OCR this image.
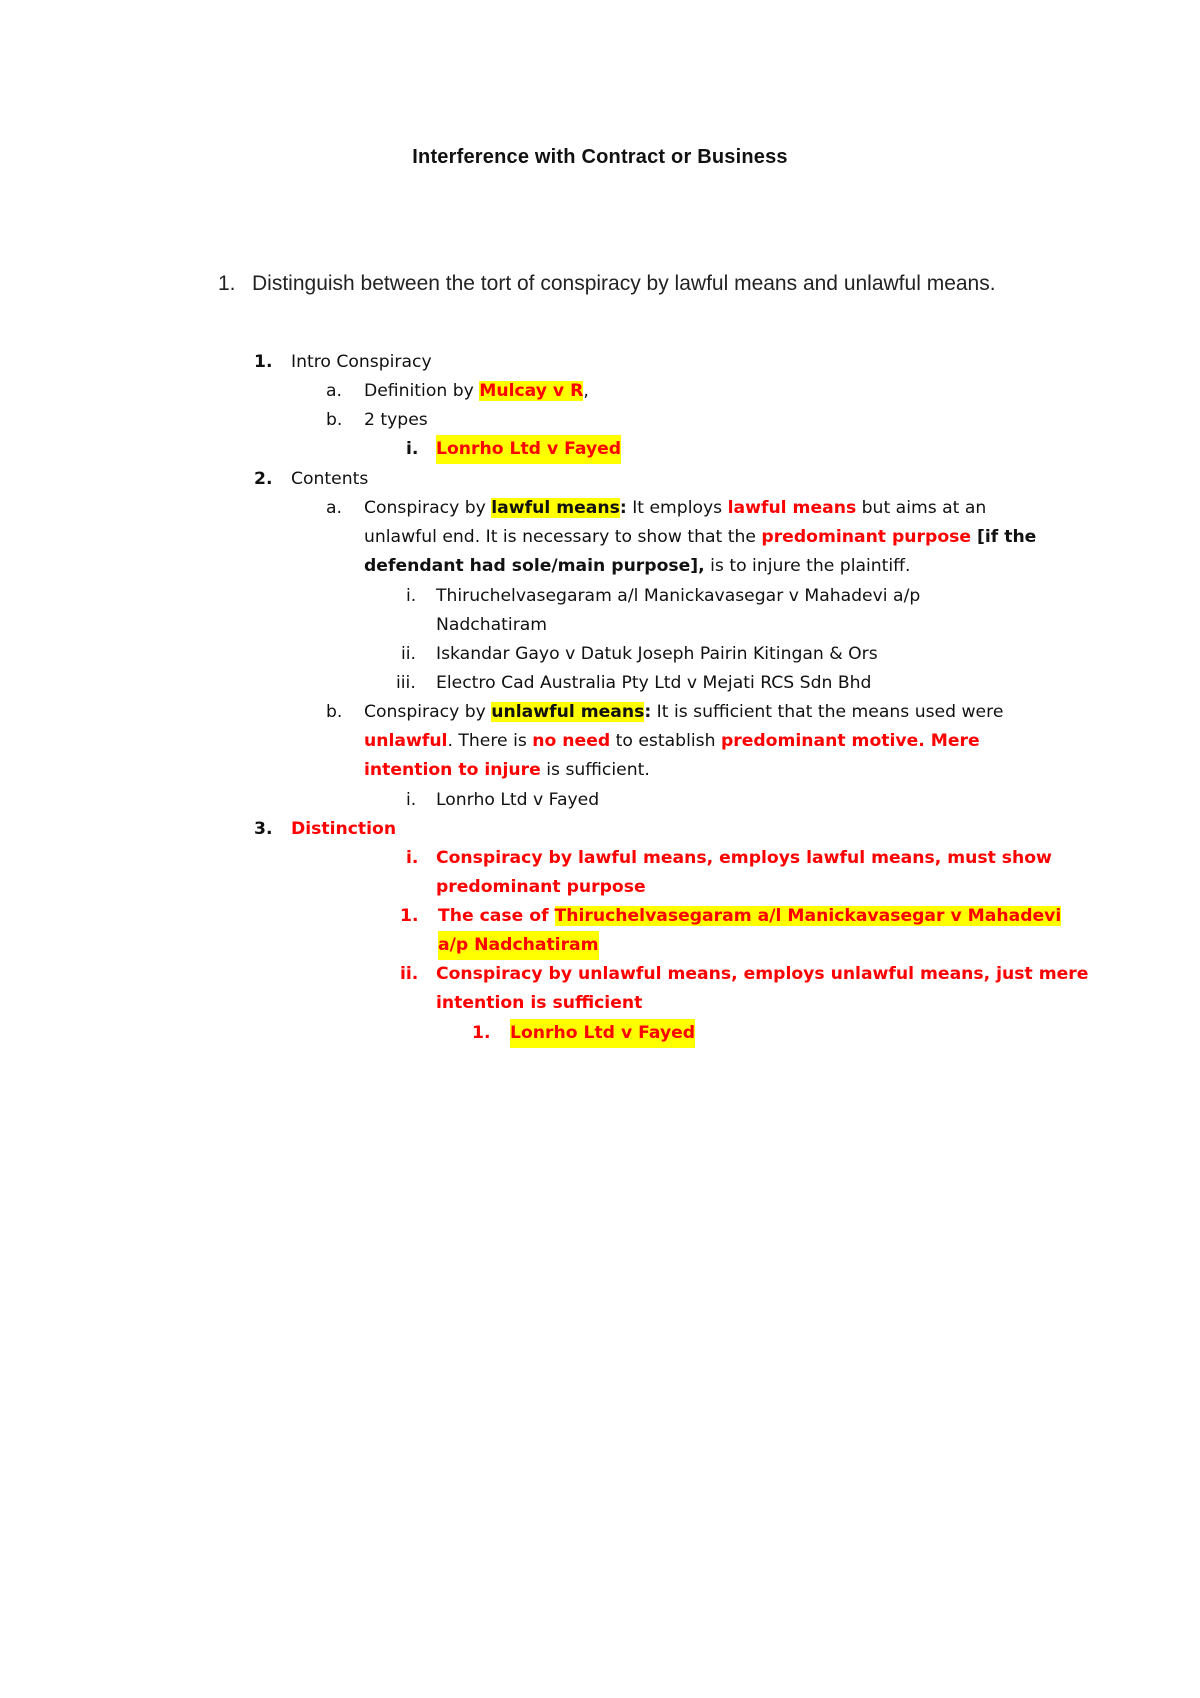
Interference with Contract or Business
1. Distinguish between the tort of conspiracy by lawful means and unlawful means.
1. Intro Conspiracy
a. Definition by Mulcay v R,
b. 2 types
i. Lonrho Ltd v Fayed
2. Contents
a. Conspiracy by lawful means: It employs lawful means but aims at an
unlawful end. It is necessary to show that the predominant purpose [if the
defendant had sole/main purpose], is to injure the plaintiff.
i. Thiruchelvasegaram a/l Manickavasegar v Mahadevi a/p
Nadchatiram
ii. Iskandar Gayo v Datuk Joseph Pairin Kitingan & Ors
iii. Electro Cad Australia Pty Ltd v Mejati RCS Sdn Bhd
b. Conspiracy by unlawful means: It is sufficient that the means used were
unlawful. There is no need to establish predominant motive. Mere
intention to injure is sufficient.
i. Lonrho Ltd v Fayed
3. Distinction
i. Conspiracy by lawful means, employs lawful means, must show
predominant purpose
1. The case of Thiruchelvasegaram a/l Manickavasegar v Mahadevi
a/p Nadchatiram
ii. Conspiracy by unlawful means, employs unlawful means, just mere
intention is sufficient
1. Lonrho Ltd v Fayed
